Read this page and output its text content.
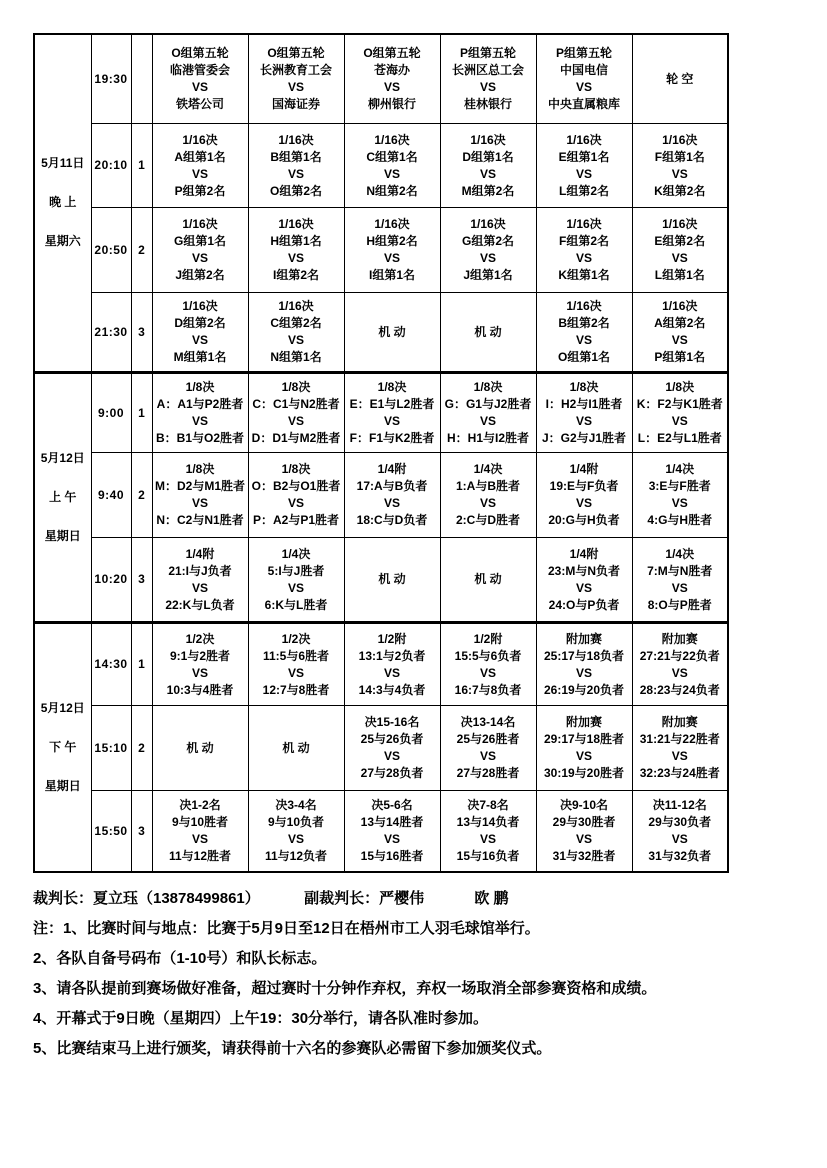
5月11日
晚 上
星期六
	19:30		
O组第五轮
临港管委会
VS
铁塔公司

O组第五轮
长洲教育工会
VS
国海证券

O组第五轮
苍海办
VS
柳州银行

P组第五轮
长洲区总工会
VS
桂林银行

P组第五轮
中国电信
VS
中央直属粮库

轮 空

20:10	1	
1/16决
A组第1名
VS
P组第2名

1/16决
B组第1名
VS
O组第2名

1/16决
C组第1名
VS
N组第2名

1/16决
D组第1名
VS
M组第2名

1/16决
E组第1名
VS
L组第2名

1/16决
F组第1名
VS
K组第2名

20:50	2	
1/16决
G组第1名
VS
J组第2名

1/16决
H组第1名
VS
I组第2名

1/16决
H组第2名
VS
I组第1名

1/16决
G组第2名
VS
J组第1名

1/16决
F组第2名
VS
K组第1名

1/16决
E组第2名
VS
L组第1名

21:30	3	
1/16决
D组第2名
VS
M组第1名

1/16决
C组第2名
VS
N组第1名

机 动	机 动

1/16决
B组第2名
VS
O组第1名

1/16决
A组第2名
VS
P组第1名

5月12日
上 午
星期日
	9:00	1	
1/8决
A：A1与P2胜者
VS
B：B1与O2胜者

1/8决
C：C1与N2胜者
VS
D：D1与M2胜者

1/8决
E：E1与L2胜者
VS
F：F1与K2胜者

1/8决
G：G1与J2胜者
VS
H：H1与I2胜者

1/8决
I：H2与I1胜者
VS
J：G2与J1胜者

1/8决
K：F2与K1胜者
VS
L：E2与L1胜者

9:40	2	
1/8决
M：D2与M1胜者
VS
N：C2与N1胜者

1/8决
O：B2与O1胜者
VS
P：A2与P1胜者

1/4附
17:A与B负者
VS
18:C与D负者

1/4决
1:A与B胜者
VS
2:C与D胜者

1/4附
19:E与F负者
VS
20:G与H负者

1/4决
3:E与F胜者
VS
4:G与H胜者

10:20	3	
1/4附
21:I与J负者
VS
22:K与L负者

1/4决
5:I与J胜者
VS
6:K与L胜者

机 动	机 动

1/4附
23:M与N负者
VS
24:O与P负者

1/4决
7:M与N胜者
VS
8:O与P胜者

5月12日
下 午
星期日
	14:30	1	
1/2决
9:1与2胜者
VS
10:3与4胜者

1/2决
11:5与6胜者
VS
12:7与8胜者

1/2附
13:1与2负者
VS
14:3与4负者

1/2附
15:5与6负者
VS
16:7与8负者

附加赛
25:17与18负者
VS
26:19与20负者

附加赛
27:21与22负者
VS
28:23与24负者

15:10	2	机 动	机 动

决15-16名
25与26负者
VS
27与28负者

决13-14名
25与26胜者
VS
27与28胜者

附加赛
29:17与18胜者
VS
30:19与20胜者

附加赛
31:21与22胜者
VS
32:23与24胜者

15:50	3	
决1-2名
9与10胜者
VS
11与12胜者

决3-4名
9与10负者
VS
11与12负者

决5-6名
13与14胜者
VS
15与16胜者

决7-8名
13与14负者
VS
15与16负者

决9-10名
29与30胜者
VS
31与32胜者

决11-12名
29与30负者
VS
31与32负者
裁判长：夏立珏（13878499861）	副裁判长：严樱伟	欧 鹏
注：1、比赛时间与地点：比赛于5月9日至12日在梧州市工人羽毛球馆举行。
2、各队自备号码布（1-10号）和队长标志。
3、请各队提前到赛场做好准备，超过赛时十分钟作弃权，弃权一场取消全部参赛资格和成绩。
4、开幕式于9日晚（星期四）上午19：30分举行，请各队准时参加。
5、比赛结束马上进行颁奖，请获得前十六名的参赛队必需留下参加颁奖仪式。
